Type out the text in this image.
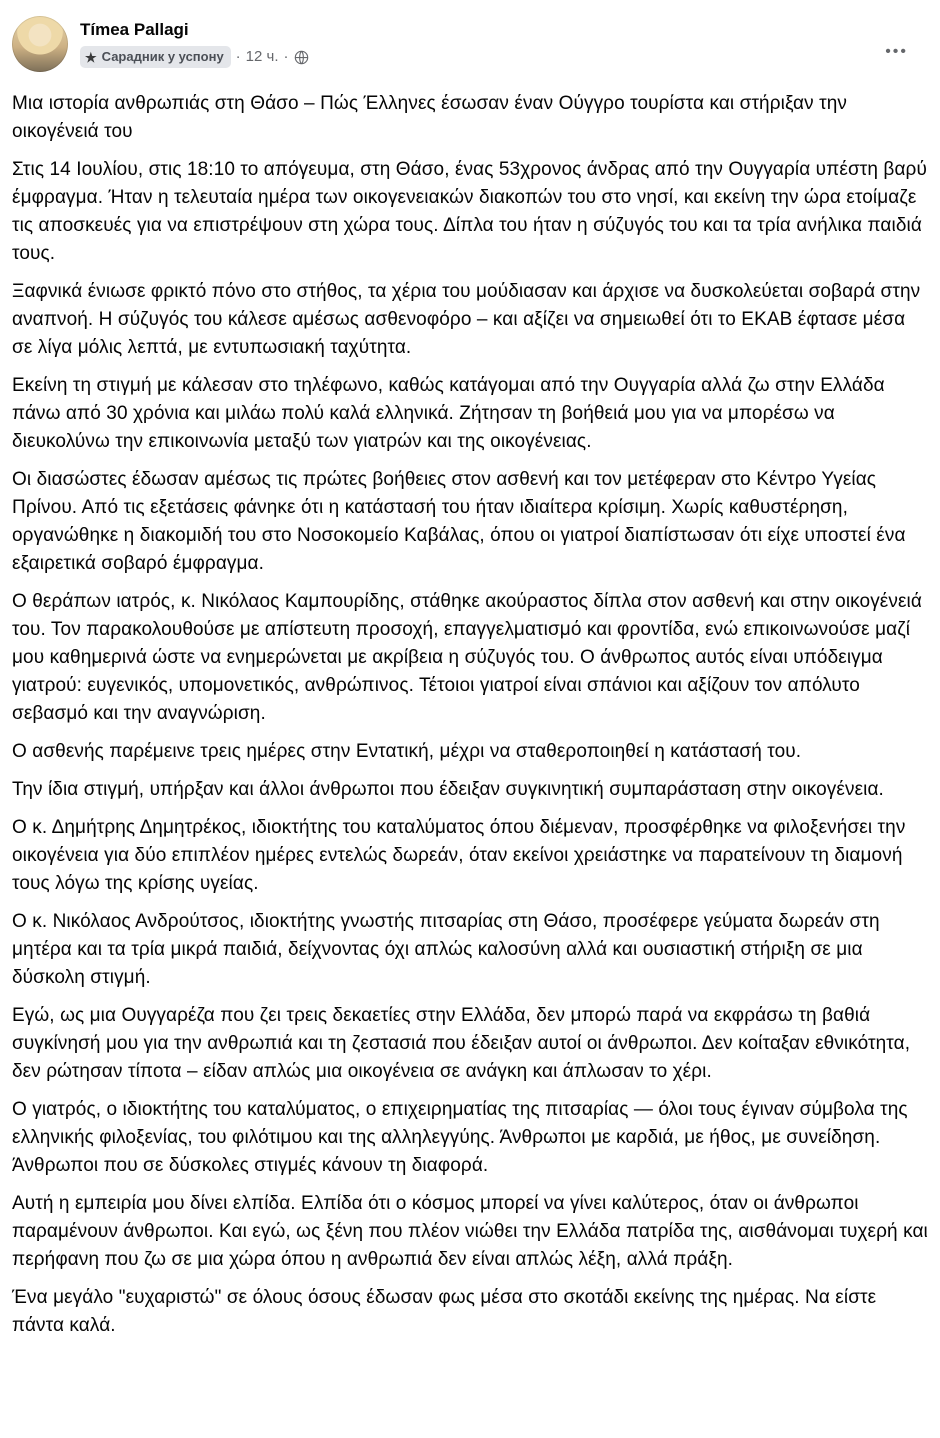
Tímea Pallagi
★ Сарадник у успону · 12 ч. ·	•••

Μια ιστορία ανθρωπιάς στη Θάσο – Πώς Έλληνες έσωσαν έναν Ούγγρο τουρίστα και στήριξαν την οικογένειά του

Στις 14 Ιουλίου, στις 18:10 το απόγευμα, στη Θάσο, ένας 53χρονος άνδρας από την Ουγγαρία υπέστη βαρύ έμφραγμα. Ήταν η τελευταία ημέρα των οικογενειακών διακοπών του στο νησί, και εκείνη την ώρα ετοίμαζε τις αποσκευές για να επιστρέψουν στη χώρα τους. Δίπλα του ήταν η σύζυγός του και τα τρία ανήλικα παιδιά τους.

Ξαφνικά ένιωσε φρικτό πόνο στο στήθος, τα χέρια του μούδιασαν και άρχισε να δυσκολεύεται σοβαρά στην αναπνοή. Η σύζυγός του κάλεσε αμέσως ασθενοφόρο – και αξίζει να σημειωθεί ότι το ΕΚΑΒ έφτασε μέσα σε λίγα μόλις λεπτά, με εντυπωσιακή ταχύτητα.

Εκείνη τη στιγμή με κάλεσαν στο τηλέφωνο, καθώς κατάγομαι από την Ουγγαρία αλλά ζω στην Ελλάδα πάνω από 30 χρόνια και μιλάω πολύ καλά ελληνικά. Ζήτησαν τη βοήθειά μου για να μπορέσω να διευκολύνω την επικοινωνία μεταξύ των γιατρών και της οικογένειας.

Οι διασώστες έδωσαν αμέσως τις πρώτες βοήθειες στον ασθενή και τον μετέφεραν στο Κέντρο Υγείας Πρίνου. Από τις εξετάσεις φάνηκε ότι η κατάστασή του ήταν ιδιαίτερα κρίσιμη. Χωρίς καθυστέρηση, οργανώθηκε η διακομιδή του στο Νοσοκομείο Καβάλας, όπου οι γιατροί διαπίστωσαν ότι είχε υποστεί ένα εξαιρετικά σοβαρό έμφραγμα.

Ο θεράπων ιατρός, κ. Νικόλαος Καμπουρίδης, στάθηκε ακούραστος δίπλα στον ασθενή και στην οικογένειά του. Τον παρακολουθούσε με απίστευτη προσοχή, επαγγελματισμό και φροντίδα, ενώ επικοινωνούσε μαζί μου καθημερινά ώστε να ενημερώνεται με ακρίβεια η σύζυγός του. Ο άνθρωπος αυτός είναι υπόδειγμα γιατρού: ευγενικός, υπομονετικός, ανθρώπινος. Τέτοιοι γιατροί είναι σπάνιοι και αξίζουν τον απόλυτο σεβασμό και την αναγνώριση.

Ο ασθενής παρέμεινε τρεις ημέρες στην Εντατική, μέχρι να σταθεροποιηθεί η κατάστασή του.

Την ίδια στιγμή, υπήρξαν και άλλοι άνθρωποι που έδειξαν συγκινητική συμπαράσταση στην οικογένεια.

Ο κ. Δημήτρης Δημητρέκος, ιδιοκτήτης του καταλύματος όπου διέμεναν, προσφέρθηκε να φιλοξενήσει την οικογένεια για δύο επιπλέον ημέρες εντελώς δωρεάν, όταν εκείνοι χρειάστηκε να παρατείνουν τη διαμονή τους λόγω της κρίσης υγείας.

Ο κ. Νικόλαος Ανδρούτσος, ιδιοκτήτης γνωστής πιτσαρίας στη Θάσο, προσέφερε γεύματα δωρεάν στη μητέρα και τα τρία μικρά παιδιά, δείχνοντας όχι απλώς καλοσύνη αλλά και ουσιαστική στήριξη σε μια δύσκολη στιγμή.

Εγώ, ως μια Ουγγαρέζα που ζει τρεις δεκαετίες στην Ελλάδα, δεν μπορώ παρά να εκφράσω τη βαθιά συγκίνησή μου για την ανθρωπιά και τη ζεστασιά που έδειξαν αυτοί οι άνθρωποι. Δεν κοίταξαν εθνικότητα, δεν ρώτησαν τίποτα – είδαν απλώς μια οικογένεια σε ανάγκη και άπλωσαν το χέρι.

Ο γιατρός, ο ιδιοκτήτης του καταλύματος, ο επιχειρηματίας της πιτσαρίας — όλοι τους έγιναν σύμβολα της ελληνικής φιλοξενίας, του φιλότιμου και της αλληλεγγύης. Άνθρωποι με καρδιά, με ήθος, με συνείδηση. Άνθρωποι που σε δύσκολες στιγμές κάνουν τη διαφορά.

Αυτή η εμπειρία μου δίνει ελπίδα. Ελπίδα ότι ο κόσμος μπορεί να γίνει καλύτερος, όταν οι άνθρωποι παραμένουν άνθρωποι. Και εγώ, ως ξένη που πλέον νιώθει την Ελλάδα πατρίδα της, αισθάνομαι τυχερή και περήφανη που ζω σε μια χώρα όπου η ανθρωπιά δεν είναι απλώς λέξη, αλλά πράξη.

Ένα μεγάλο "ευχαριστώ" σε όλους όσους έδωσαν φως μέσα στο σκοτάδι εκείνης της ημέρας. Να είστε πάντα καλά.
